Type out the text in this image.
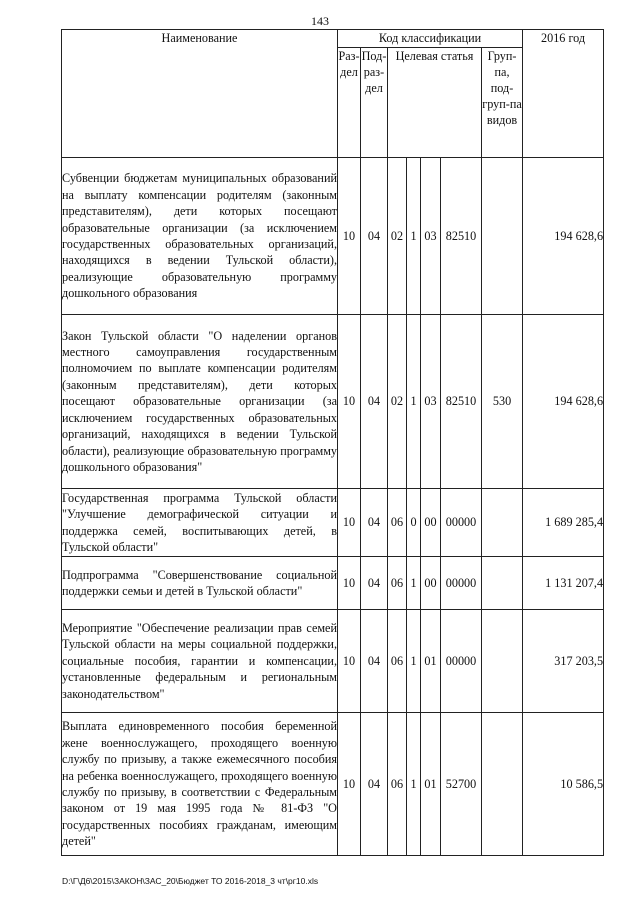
143
Наименование	Код классификации							2016 год
	Раз-дел	Под-раз-дел	Целевая статья				Груп-па, под-груп-па видов	
Субвенции бюджетам муниципальных образований на выплату компенсации родителям (законным представителям), дети которых посещают образовательные организации (за исключением государственных образовательных организаций, находящихся в ведении Тульской области), реализующие образовательную программу дошкольного образования	10	04	02	1	03	82510		194 628,6
Закон Тульской области "О наделении органов местного самоуправления государственным полномочием по выплате компенсации родителям (законным представителям), дети которых посещают образовательные организации (за исключением государственных образовательных организаций, находящихся в ведении Тульской области), реализующие образовательную программу дошкольного образования"	10	04	02	1	03	82510	530	194 628,6
Государственная программа Тульской области "Улучшение демографической ситуации и поддержка семей, воспитывающих детей, в Тульской области"	10	04	06	0	00	00000		1 689 285,4
Подпрограмма "Совершенствование социальной поддержки семьи и детей в Тульской области"	10	04	06	1	00	00000		1 131 207,4
Мероприятие "Обеспечение реализации прав семей Тульской области на меры социальной поддержки, социальные пособия, гарантии и компенсации, установленные федеральным и региональным законодательством"	10	04	06	1	01	00000		317 203,5
Выплата единовременного пособия беременной жене военнослужащего, проходящего военную службу по призыву, а также ежемесячного пособия на ребенка военнослужащего, проходящего военную службу по призыву, в соответствии с Федеральным законом от 19 мая 1995 года № 81-ФЗ "О государственных пособиях гражданам, имеющим детей"	10	04	06	1	01	52700		10 586,5
D:\Г\Д6\2015\ЗАКОН\ЗАС_20\Бюджет ТО 2016-2018_3 чт\рг10.xls
